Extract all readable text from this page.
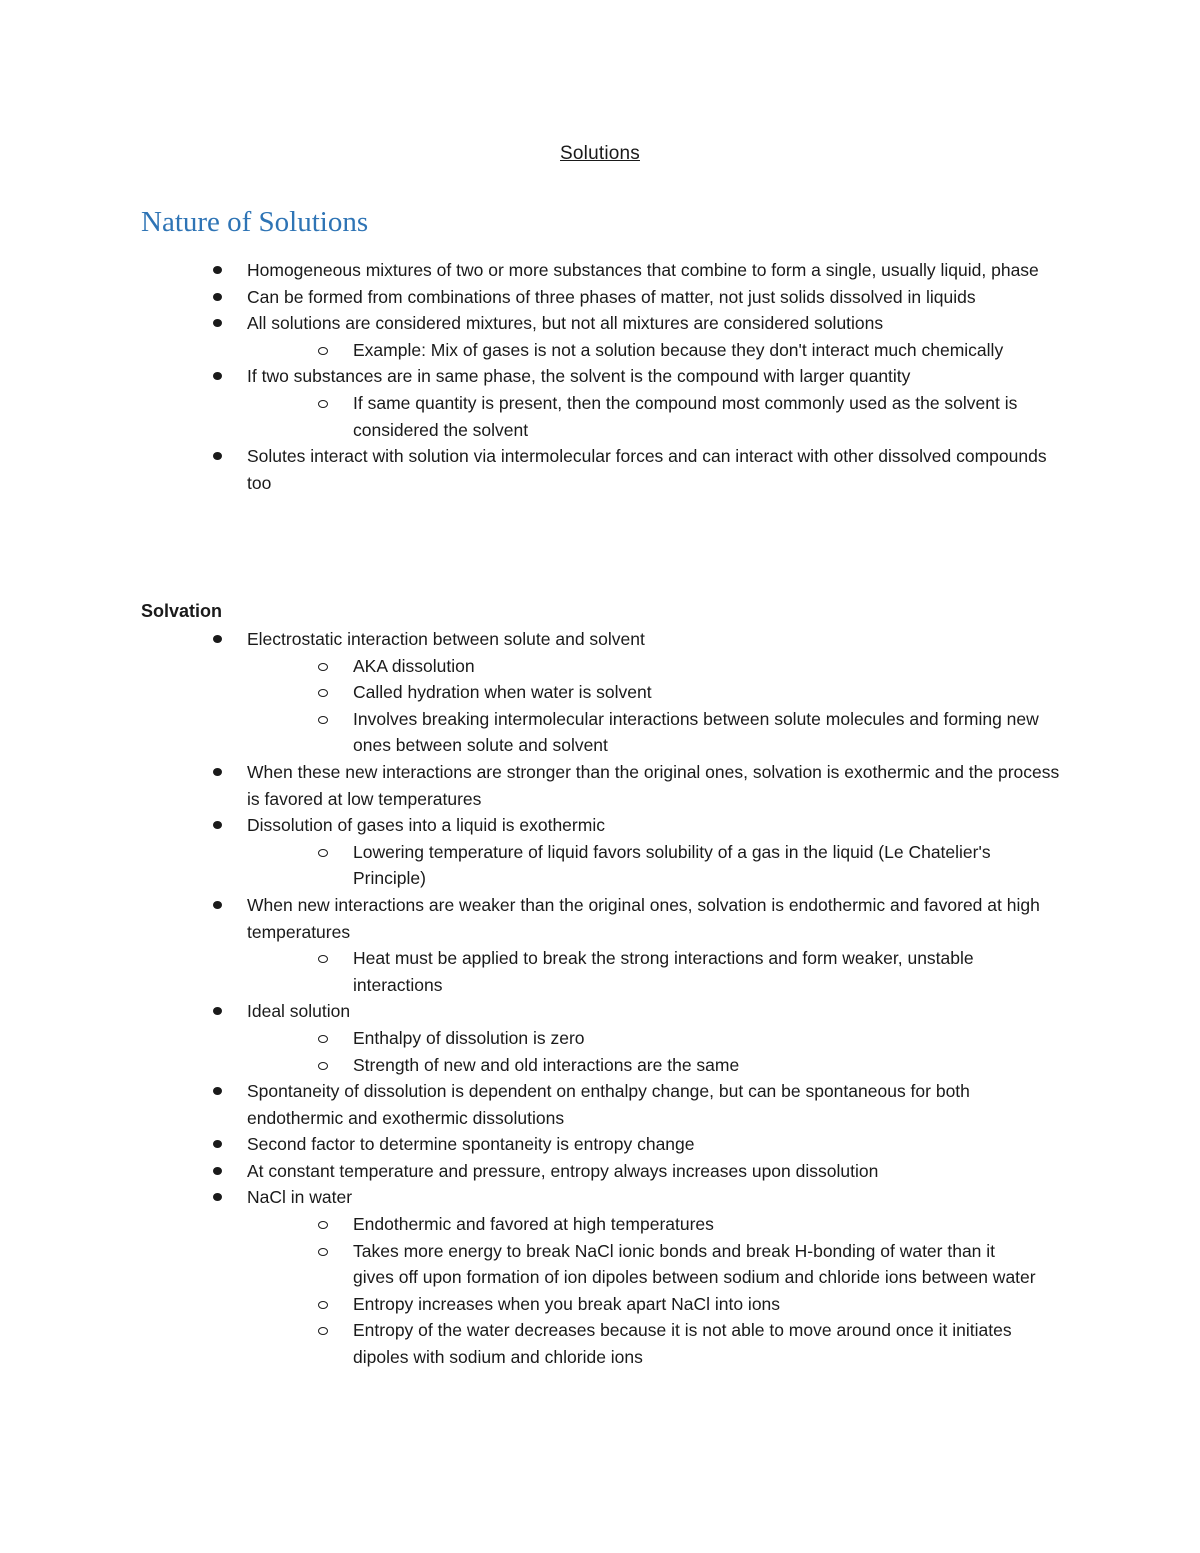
Solutions
Nature of Solutions
Homogeneous mixtures of two or more substances that combine to form a single, usually liquid, phase
Can be formed from combinations of three phases of matter, not just solids dissolved in liquids
All solutions are considered mixtures, but not all mixtures are considered solutions
Example: Mix of gases is not a solution because they don't interact much chemically
If two substances are in same phase, the solvent is the compound with larger quantity
If same quantity is present, then the compound most commonly used as the solvent is considered the solvent
Solutes interact with solution via intermolecular forces and can interact with other dissolved compounds too
Solvation
Electrostatic interaction between solute and solvent
AKA dissolution
Called hydration when water is solvent
Involves breaking intermolecular interactions between solute molecules and forming new ones between solute and solvent
When these new interactions are stronger than the original ones, solvation is exothermic and the process is favored at low temperatures
Dissolution of gases into a liquid is exothermic
Lowering temperature of liquid favors solubility of a gas in the liquid (Le Chatelier's Principle)
When new interactions are weaker than the original ones, solvation is endothermic and favored at high temperatures
Heat must be applied to break the strong interactions and form weaker, unstable interactions
Ideal solution
Enthalpy of dissolution is zero
Strength of new and old interactions are the same
Spontaneity of dissolution is dependent on enthalpy change, but can be spontaneous for both endothermic and exothermic dissolutions
Second factor to determine spontaneity is entropy change
At constant temperature and pressure, entropy always increases upon dissolution
NaCl in water
Endothermic and favored at high temperatures
Takes more energy to break NaCl ionic bonds and break H-bonding of water than it gives off upon formation of ion dipoles between sodium and chloride ions between water
Entropy increases when you break apart NaCl into ions
Entropy of the water decreases because it is not able to move around once it initiates dipoles with sodium and chloride ions
